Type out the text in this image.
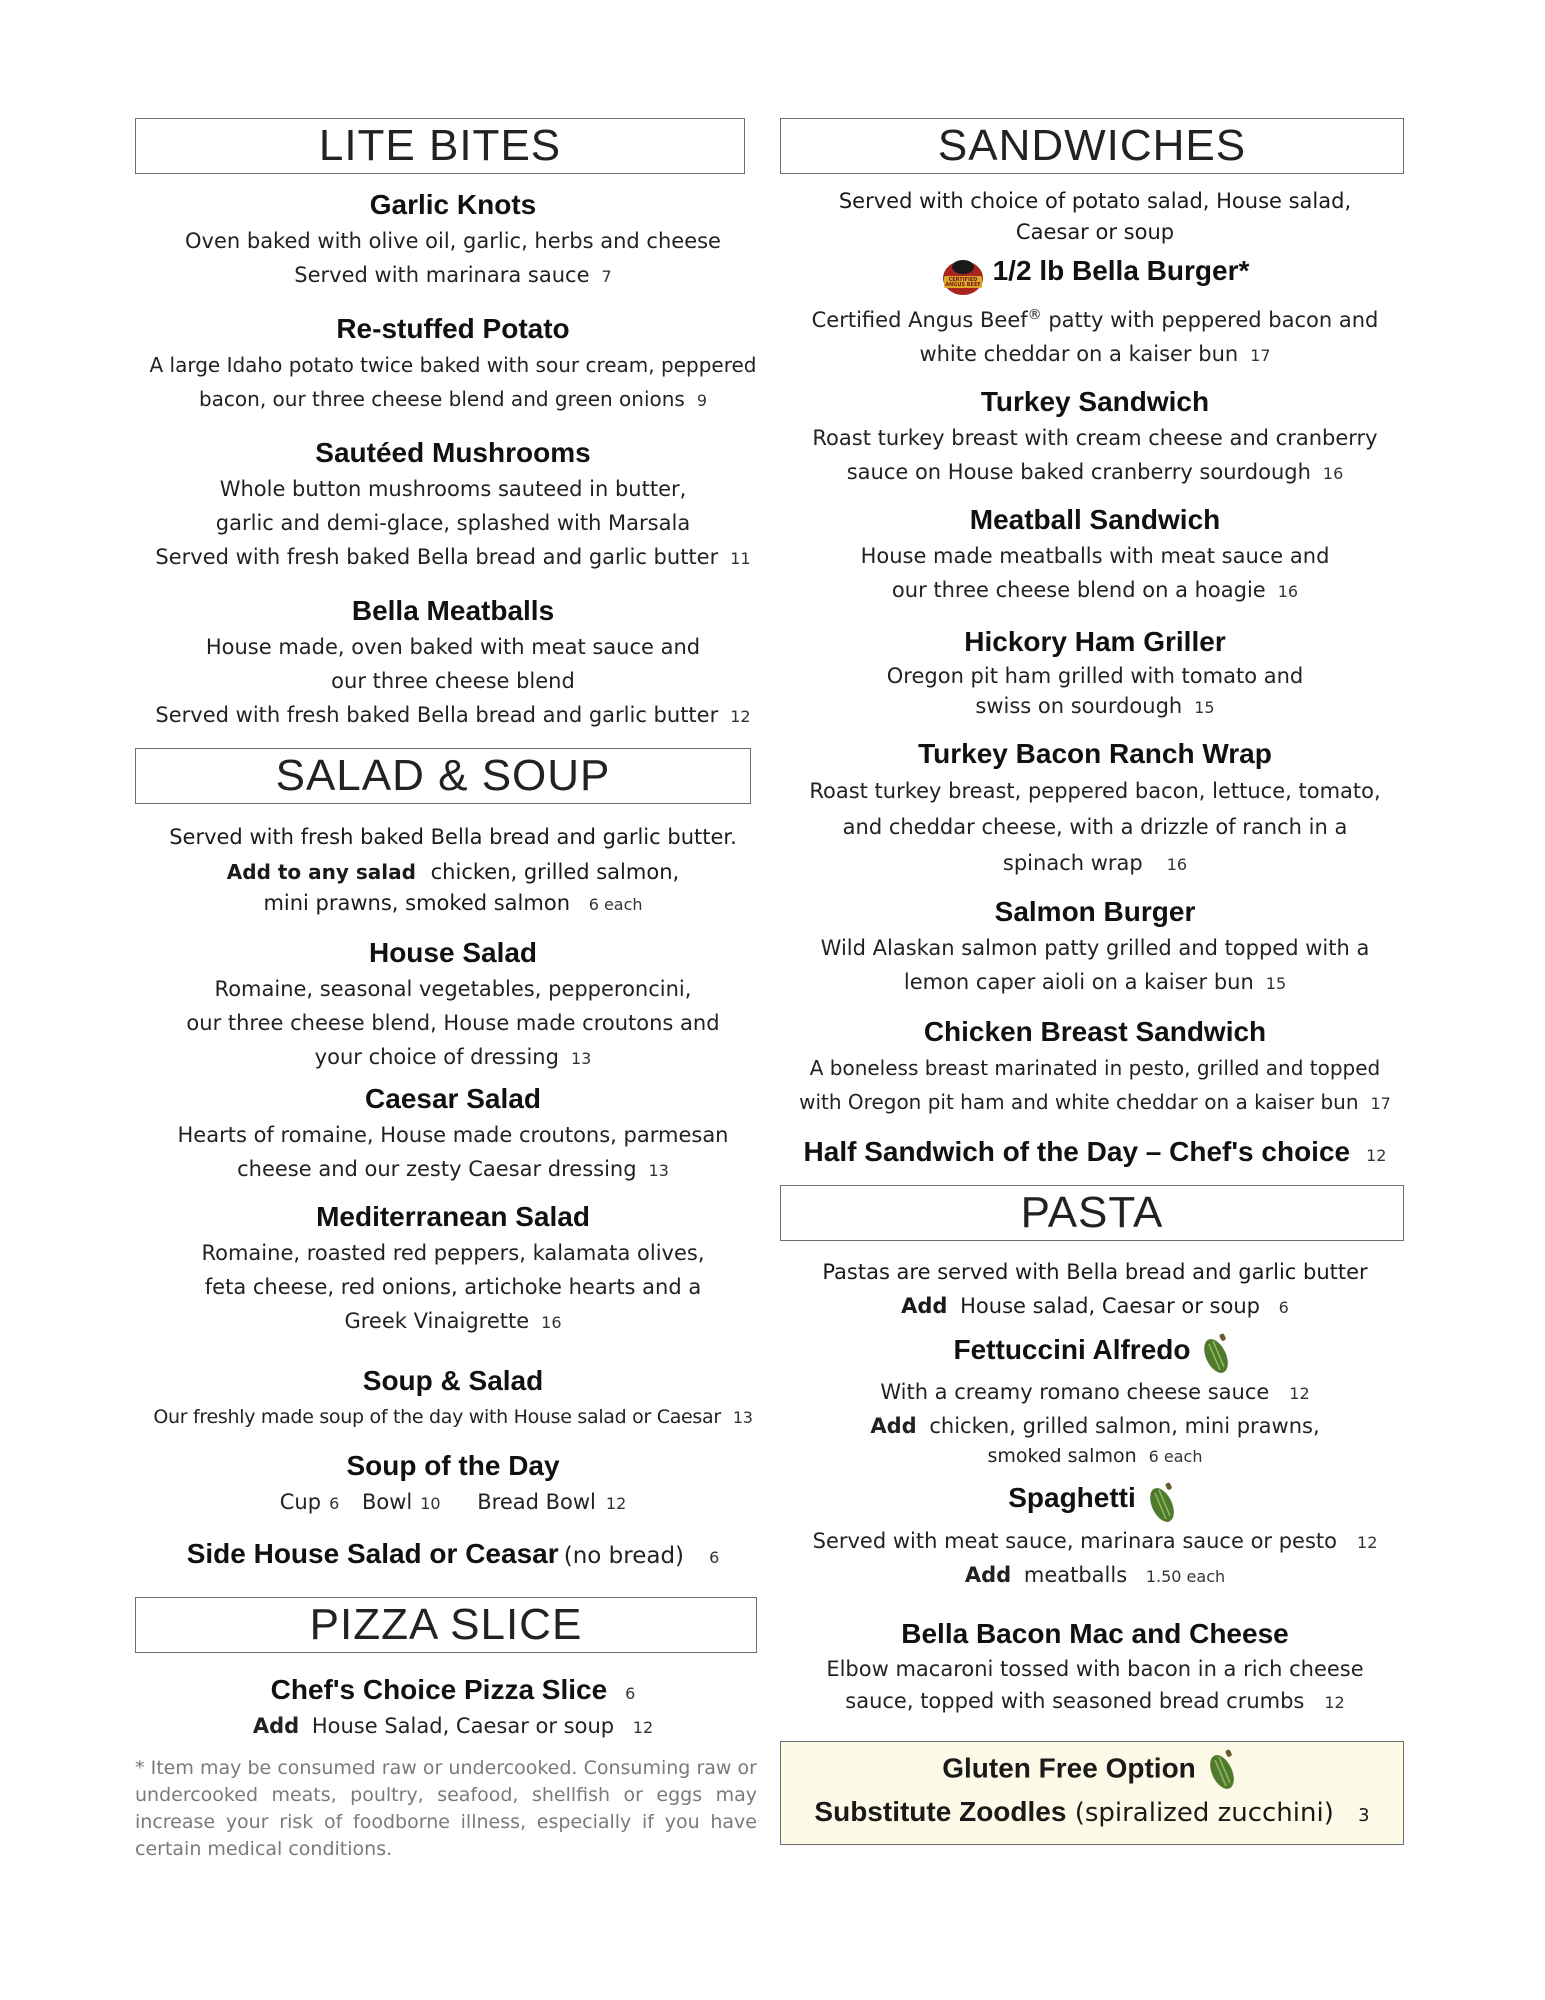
LITE BITES
Garlic Knots
Oven baked with olive oil, garlic, herbs and cheese
Served with marinara sauce 7
Re-stuffed Potato
A large Idaho potato twice baked with sour cream, peppered
bacon, our three cheese blend and green onions 9
Sautéed Mushrooms
Whole button mushrooms sauteed in butter,
garlic and demi-glace, splashed with Marsala
Served with fresh baked Bella bread and garlic butter 11
Bella Meatballs
House made, oven baked with meat sauce and
our three cheese blend
Served with fresh baked Bella bread and garlic butter 12
SALAD & SOUP
Served with fresh baked Bella bread and garlic butter.
Add to any salad chicken, grilled salmon,
mini prawns, smoked salmon 6 each
House Salad
Romaine, seasonal vegetables, pepperoncini,
our three cheese blend, House made croutons and
your choice of dressing 13
Caesar Salad
Hearts of romaine, House made croutons, parmesan
cheese and our zesty Caesar dressing 13
Mediterranean Salad
Romaine, roasted red peppers, kalamata olives,
feta cheese, red onions, artichoke hearts and a
Greek Vinaigrette 16
Soup & Salad
Our freshly made soup of the day with House salad or Caesar 13
Soup of the Day
Cup 6 Bowl 10 Bread Bowl 12
Side House Salad or Ceasar (no bread) 6
PIZZA SLICE
Chef's Choice Pizza Slice 6
Add House Salad, Caesar or soup 12
* Item may be consumed raw or undercooked. Consuming raw or undercooked meats, poultry, seafood, shellfish or eggs may increase your risk of foodborne illness, especially if you have certain medical conditions.
SANDWICHES
Served with choice of potato salad, House salad,
Caesar or soup
CERTIFIED
ANGUS BEEF 1/2 lb Bella Burger*
Certified Angus Beef® patty with peppered bacon and
white cheddar on a kaiser bun 17
Turkey Sandwich
Roast turkey breast with cream cheese and cranberry
sauce on House baked cranberry sourdough 16
Meatball Sandwich
House made meatballs with meat sauce and
our three cheese blend on a hoagie 16
Hickory Ham Griller
Oregon pit ham grilled with tomato and
swiss on sourdough 15
Turkey Bacon Ranch Wrap
Roast turkey breast, peppered bacon, lettuce, tomato,
and cheddar cheese, with a drizzle of ranch in a
spinach wrap 16
Salmon Burger
Wild Alaskan salmon patty grilled and topped with a
lemon caper aioli on a kaiser bun 15
Chicken Breast Sandwich
A boneless breast marinated in pesto, grilled and topped
with Oregon pit ham and white cheddar on a kaiser bun 17
Half Sandwich of the Day – Chef's choice 12
PASTA
Pastas are served with Bella bread and garlic butter
Add House salad, Caesar or soup 6
Fettuccini Alfredo
With a creamy romano cheese sauce 12
Add chicken, grilled salmon, mini prawns,
smoked salmon 6 each
Spaghetti
Served with meat sauce, marinara sauce or pesto 12
Add meatballs 1.50 each
Bella Bacon Mac and Cheese
Elbow macaroni tossed with bacon in a rich cheese
sauce, topped with seasoned bread crumbs 12
Gluten Free Option
Substitute Zoodles (spiralized zucchini) 3
